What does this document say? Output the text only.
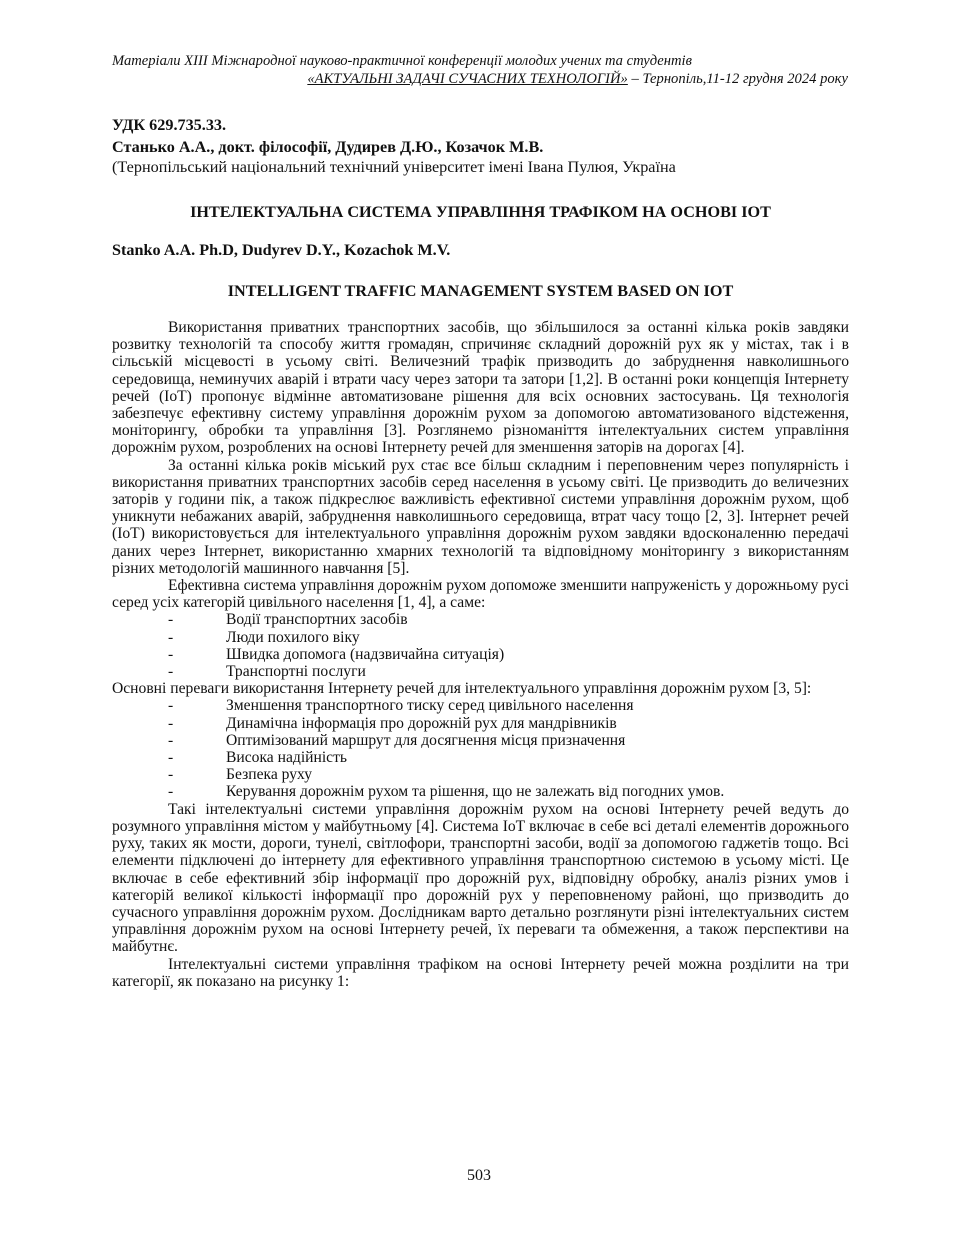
Матеріали XIII Міжнародної науково-практичної конференції молодих учених та студентів
«АКТУАЛЬНІ ЗАДАЧІ СУЧАСНИХ ТЕХНОЛОГІЙ» – Тернопіль,11-12 грудня 2024 року
УДК 629.735.33.
Станько А.А., докт. філософії, Дудирев Д.Ю., Козачок М.В.
(Тернопільський національний технічний університет імені Івана Пулюя, Україна
ІНТЕЛЕКТУАЛЬНА СИСТЕМА УПРАВЛІННЯ ТРАФІКОМ НА ОСНОВІ ІОТ
Stanko A.A. Ph.D, Dudyrev D.Y., Kozachok M.V.
INTELLIGENT TRAFFIC MANAGEMENT SYSTEM BASED ON IOT

Використання приватних транспортних засобів, що збільшилося за останні кілька років завдяки розвитку технологій та способу життя громадян, спричиняє складний дорожній рух як у містах, так і в сільській місцевості в усьому світі. Величезний трафік призводить до забруднення навколишнього середовища, неминучих аварій і втрати часу через затори та затори [1,2]. В останні роки концепція Інтернету речей (IoT) пропонує відмінне автоматизоване рішення для всіх основних застосувань. Ця технологія забезпечує ефективну систему управління дорожнім рухом за допомогою автоматизованого відстеження, моніторингу, обробки та управління [3]. Розглянемо різноманіття інтелектуальних систем управління дорожнім рухом, розроблених на основі Інтернету речей для зменшення заторів на дорогах [4].

За останні кілька років міський рух стає все більш складним і переповненим через популярність і використання приватних транспортних засобів серед населення в усьому світі. Це призводить до величезних заторів у години пік, а також підкреслює важливість ефективної системи управління дорожнім рухом, щоб уникнути небажаних аварій, забруднення навколишнього середовища, втрат часу тощо [2, 3]. Інтернет речей (IoT) використовується для інтелектуального управління дорожнім рухом завдяки вдосконаленню передачі даних через Інтернет, використанню хмарних технологій та відповідному моніторингу з використанням різних методологій машинного навчання [5].

Ефективна система управління дорожнім рухом допоможе зменшити напруженість у дорожньому русі серед усіх категорій цивільного населення [1, 4], а саме:

-	Водії транспортних засобів
-	Люди похилого віку
-	Швидка допомога (надзвичайна ситуація)
-	Транспортні послуги

Основні переваги використання Інтернету речей для інтелектуального управління дорожнім рухом [3, 5]:

-	Зменшення транспортного тиску серед цивільного населення
-	Динамічна інформація про дорожній рух для мандрівників
-	Оптимізований маршрут для досягнення місця призначення
-	Висока надійність
-	Безпека руху
-	Керування дорожнім рухом та рішення, що не залежать від погодних умов.

Такі інтелектуальні системи управління дорожнім рухом на основі Інтернету речей ведуть до розумного управління містом у майбутньому [4]. Система IoT включає в себе всі деталі елементів дорожнього руху, таких як мости, дороги, тунелі, світлофори, транспортні засоби, водії за допомогою гаджетів тощо. Всі елементи підключені до інтернету для ефективного управління транспортною системою в усьому місті. Це включає в себе ефективний збір інформації про дорожній рух, відповідну обробку, аналіз різних умов і категорій великої кількості інформації про дорожній рух у переповненому районі, що призводить до сучасного управління дорожнім рухом. Дослідникам варто детально розглянути різні інтелектуальних систем управління дорожнім рухом на основі Інтернету речей, їх переваги та обмеження, а також перспективи на майбутнє.

Інтелектуальні системи управління трафіком на основі Інтернету речей можна розділити на три категорії, як показано на рисунку 1:

503
